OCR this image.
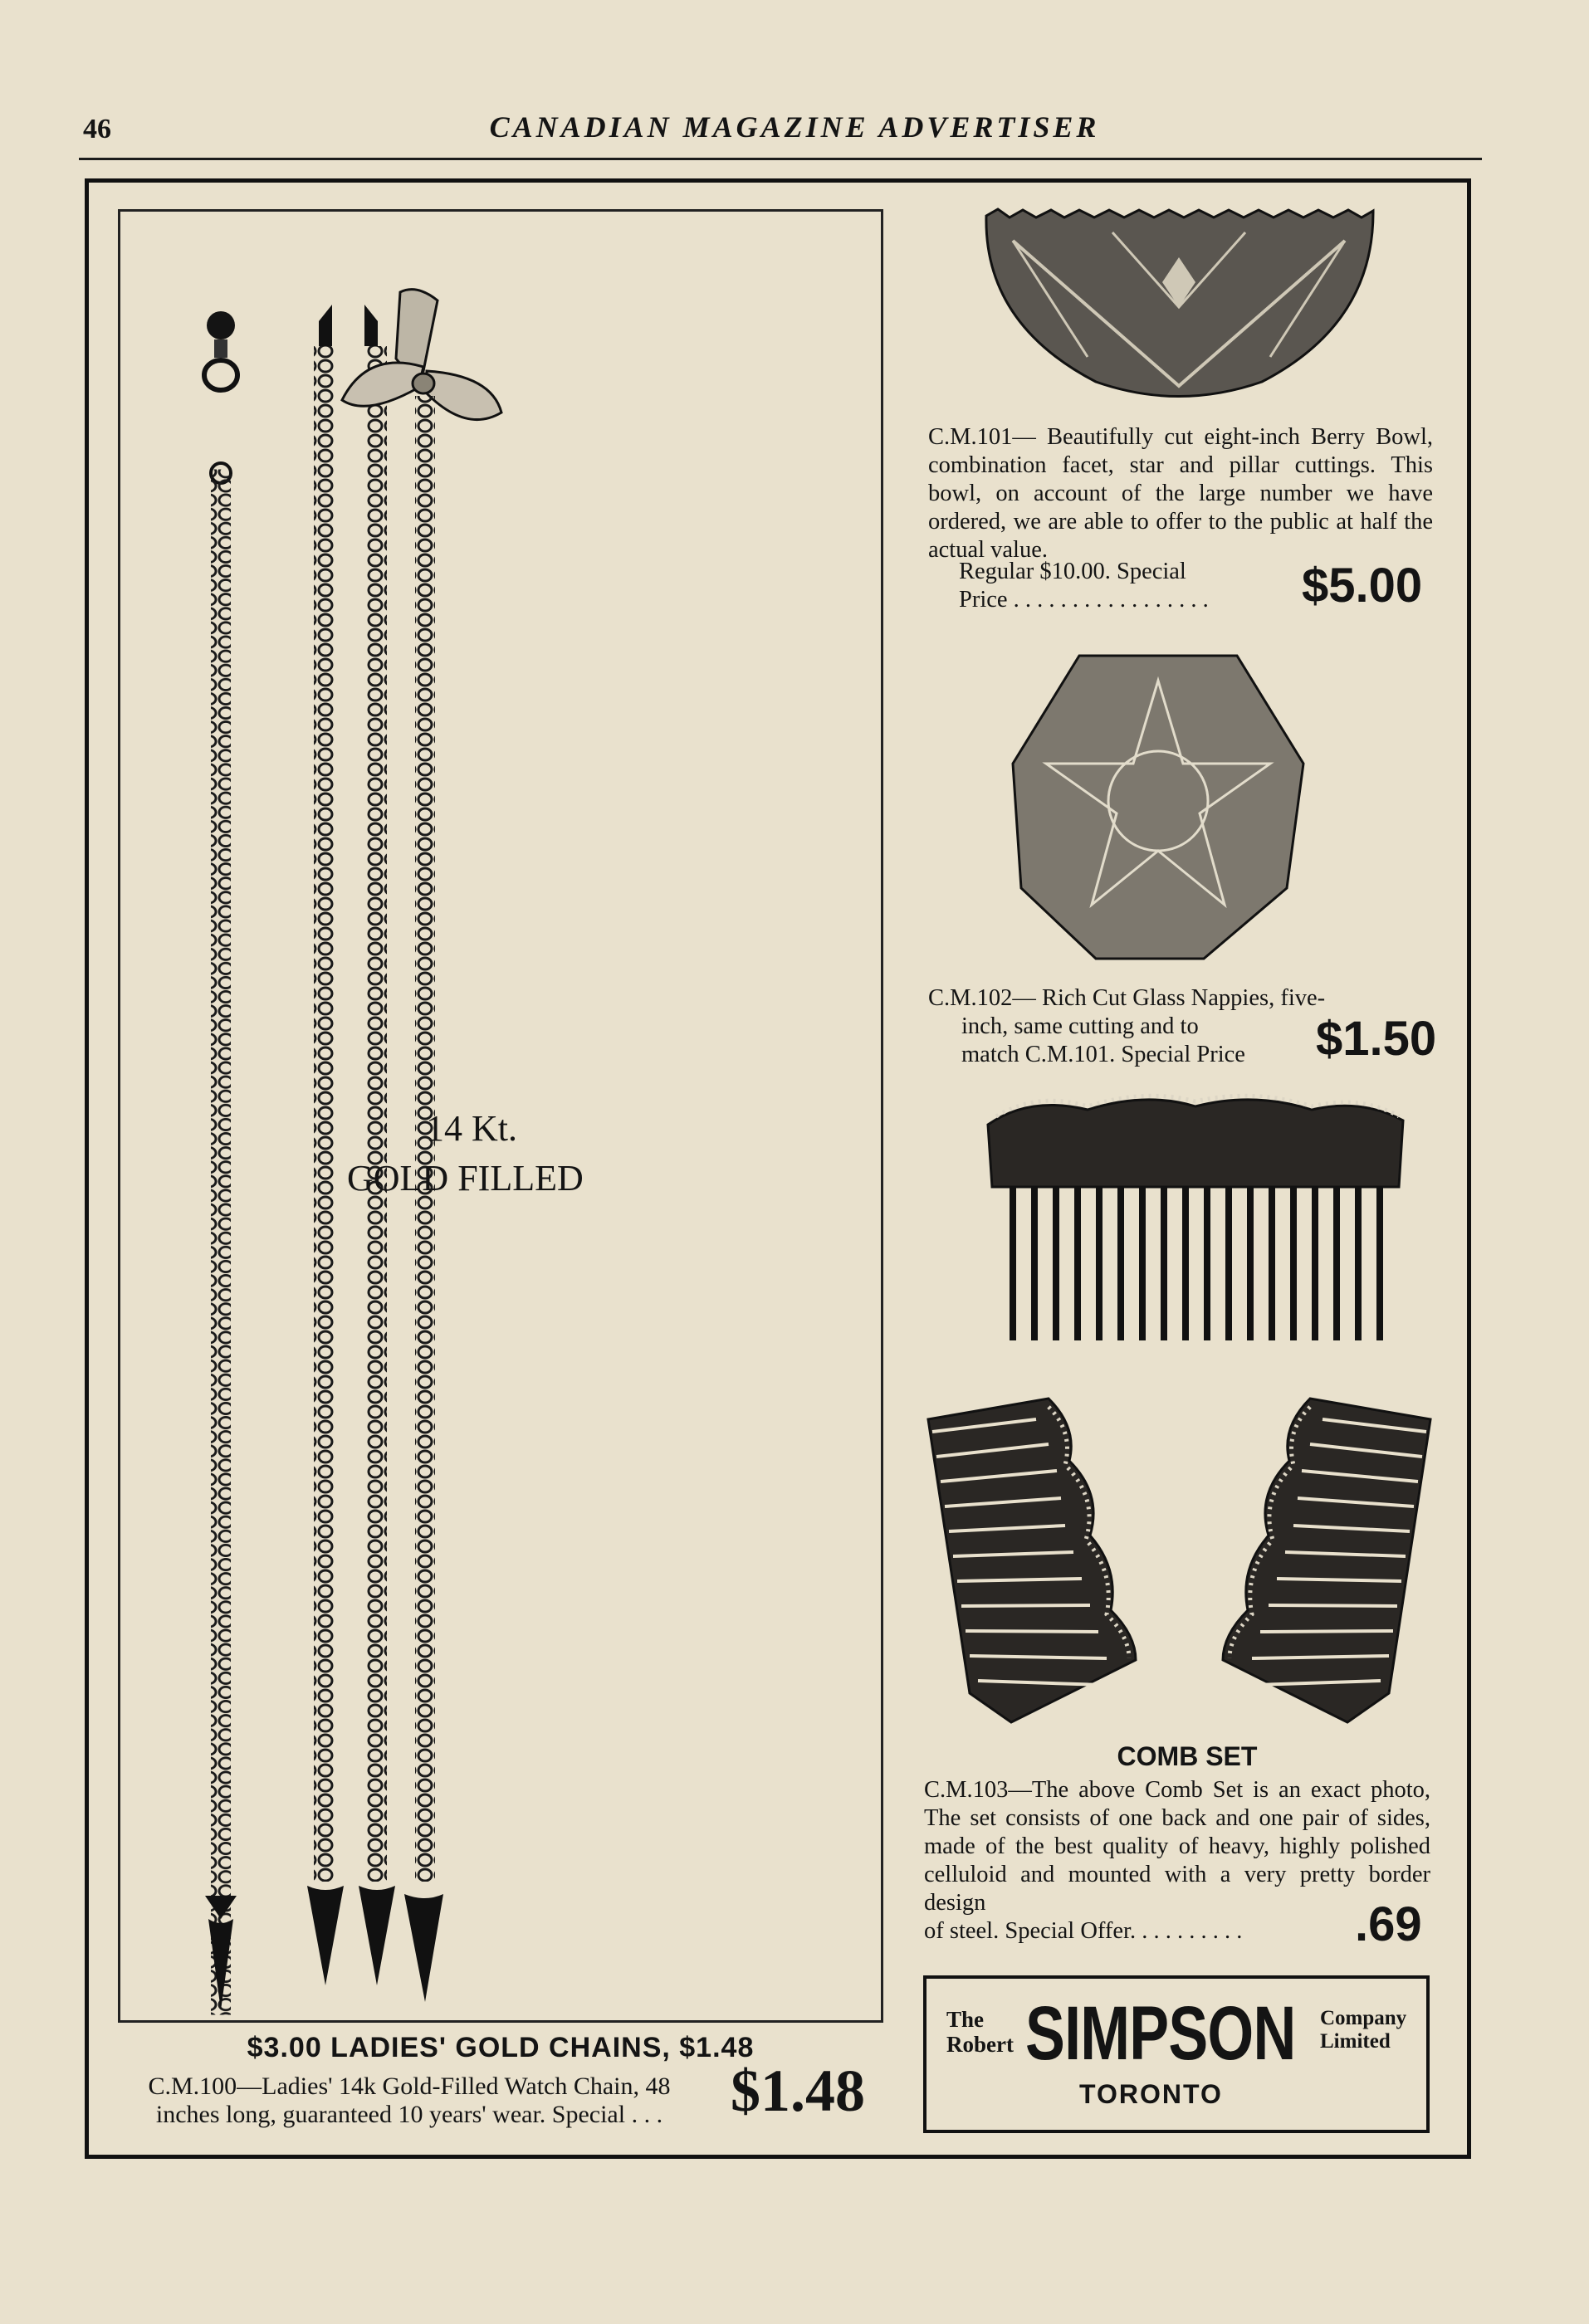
46	CANADIAN MAGAZINE ADVERTISER
14 Kt.
GOLD FILLED
$3.00 LADIES' GOLD CHAINS, $1.48
C.M.100—Ladies' 14k Gold-Filled Watch Chain, 48
inches long, guaranteed 10 years' wear. Special . . .	$1.48
C.M.101— Beautifully cut eight-inch Berry Bowl, combination facet, star and pillar cuttings. This bowl, on account of the large number we have ordered, we are able to offer to the public at half the actual value.
Regular $10.00. Special
Price . . . . . . . . . . . . . . . . . $5.00
C.M.102— Rich Cut Glass Nappies, five-
inch, same cutting and to
match C.M.101. Special Price	$1.50
COMB SET
C.M.103—The above Comb Set is an exact photo, The set consists of one back and one pair of sides, made of the best quality of heavy, highly polished celluloid and mounted with a very pretty border design
of steel. Special Offer. . . . . . . . . .	.69
The
Robert SIMPSON Company
Limited
TORONTO
